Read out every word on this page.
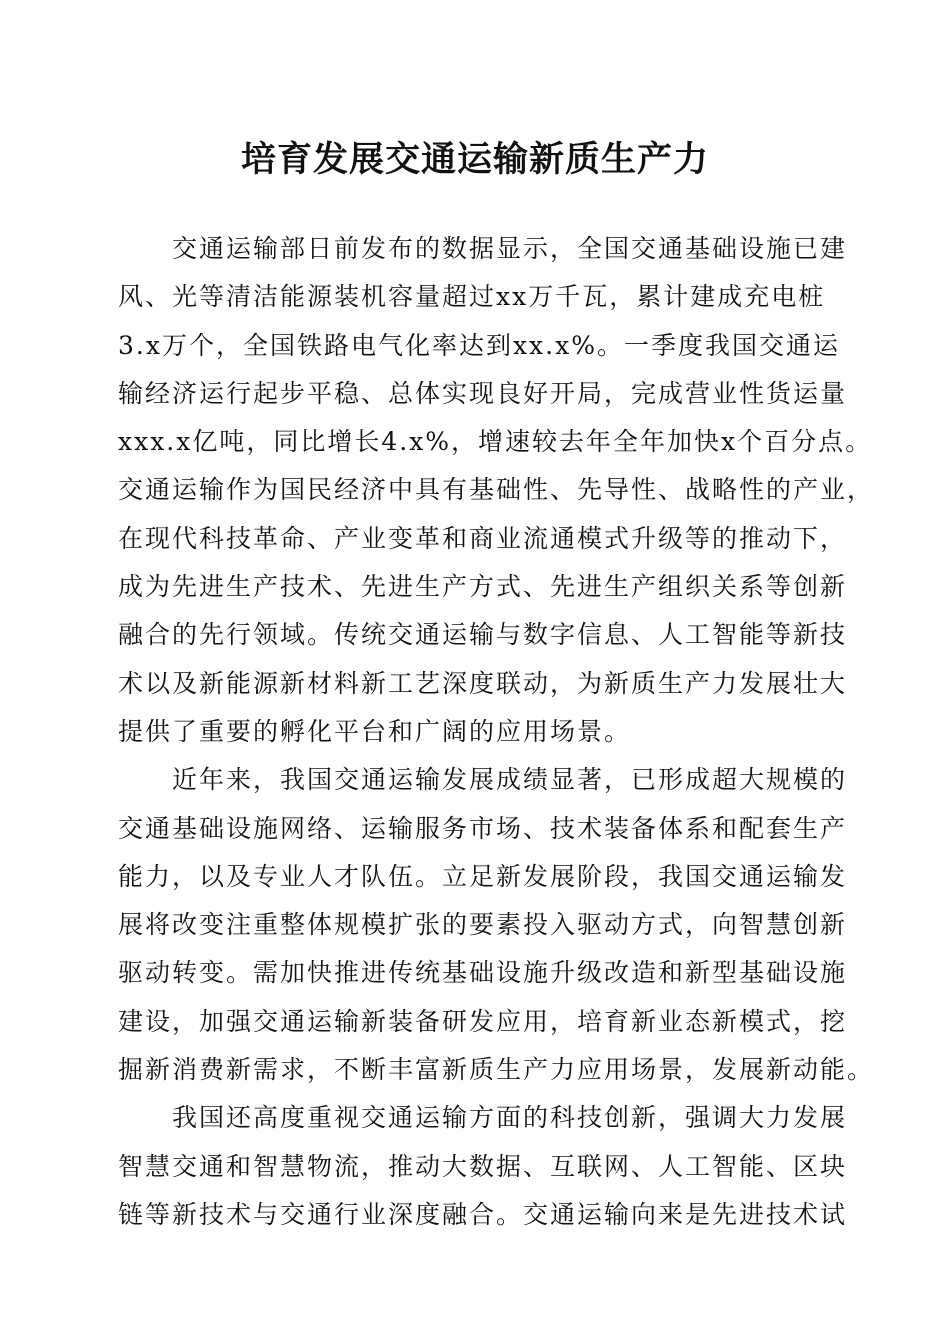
培育发展交通运输新质生产力
交通运输部日前发布的数据显示，全国交通基础设施已建
风、光等清洁能源装机容量超过xx万千瓦，累计建成充电桩
3.x万个，全国铁路电气化率达到xx.x%。一季度我国交通运
输经济运行起步平稳、总体实现良好开局，完成营业性货运量
xxx.x亿吨，同比增长4.x%，增速较去年全年加快x个百分点。
交通运输作为国民经济中具有基础性、先导性、战略性的产业，
在现代科技革命、产业变革和商业流通模式升级等的推动下，
成为先进生产技术、先进生产方式、先进生产组织关系等创新
融合的先行领域。传统交通运输与数字信息、人工智能等新技
术以及新能源新材料新工艺深度联动，为新质生产力发展壮大
提供了重要的孵化平台和广阔的应用场景。
近年来，我国交通运输发展成绩显著，已形成超大规模的
交通基础设施网络、运输服务市场、技术装备体系和配套生产
能力，以及专业人才队伍。立足新发展阶段，我国交通运输发
展将改变注重整体规模扩张的要素投入驱动方式，向智慧创新
驱动转变。需加快推进传统基础设施升级改造和新型基础设施
建设，加强交通运输新装备研发应用，培育新业态新模式，挖
掘新消费新需求，不断丰富新质生产力应用场景，发展新动能。
我国还高度重视交通运输方面的科技创新，强调大力发展
智慧交通和智慧物流，推动大数据、互联网、人工智能、区块
链等新技术与交通行业深度融合。交通运输向来是先进技术试
